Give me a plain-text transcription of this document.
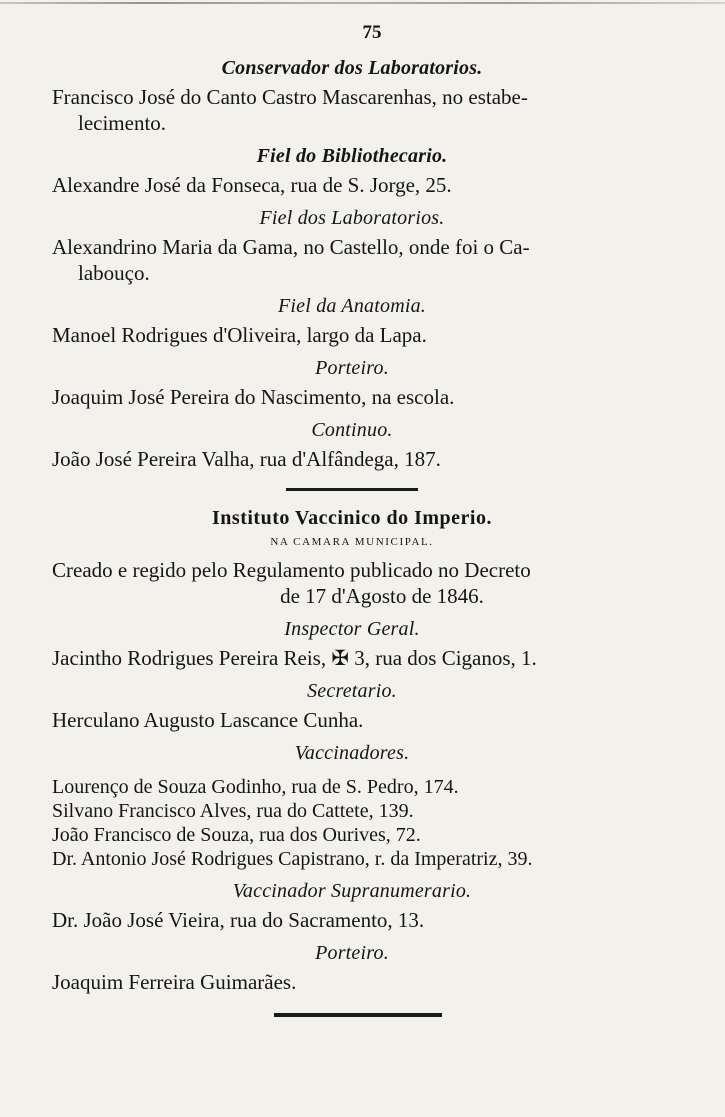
75
Conservador dos Laboratorios.
Francisco José do Canto Castro Mascarenhas, no estabe-
lecimento.
Fiel do Bibliothecario.
Alexandre José da Fonseca, rua de S. Jorge, 25.
Fiel dos Laboratorios.
Alexandrino Maria da Gama, no Castello, onde foi o Ca-
labouço.
Fiel da Anatomia.
Manoel Rodrigues d'Oliveira, largo da Lapa.
Porteiro.
Joaquim José Pereira do Nascimento, na escola.
Continuo.
João José Pereira Valha, rua d'Alfândega, 187.
Instituto Vaccinico do Imperio.
NA CAMARA MUNICIPAL.
Creado e regido pelo Regulamento publicado no Decreto
de 17 d'Agosto de 1846.
Inspector Geral.
Jacintho Rodrigues Pereira Reis, ✠ 3, rua dos Ciganos, 1.
Secretario.
Herculano Augusto Lascance Cunha.
Vaccinadores.
Lourenço de Souza Godinho, rua de S. Pedro, 174.
Silvano Francisco Alves, rua do Cattete, 139.
João Francisco de Souza, rua dos Ourives, 72.
Dr. Antonio José Rodrigues Capistrano, r. da Imperatriz, 39.
Vaccinador Supranumerario.
Dr. João José Vieira, rua do Sacramento, 13.
Porteiro.
Joaquim Ferreira Guimarães.
